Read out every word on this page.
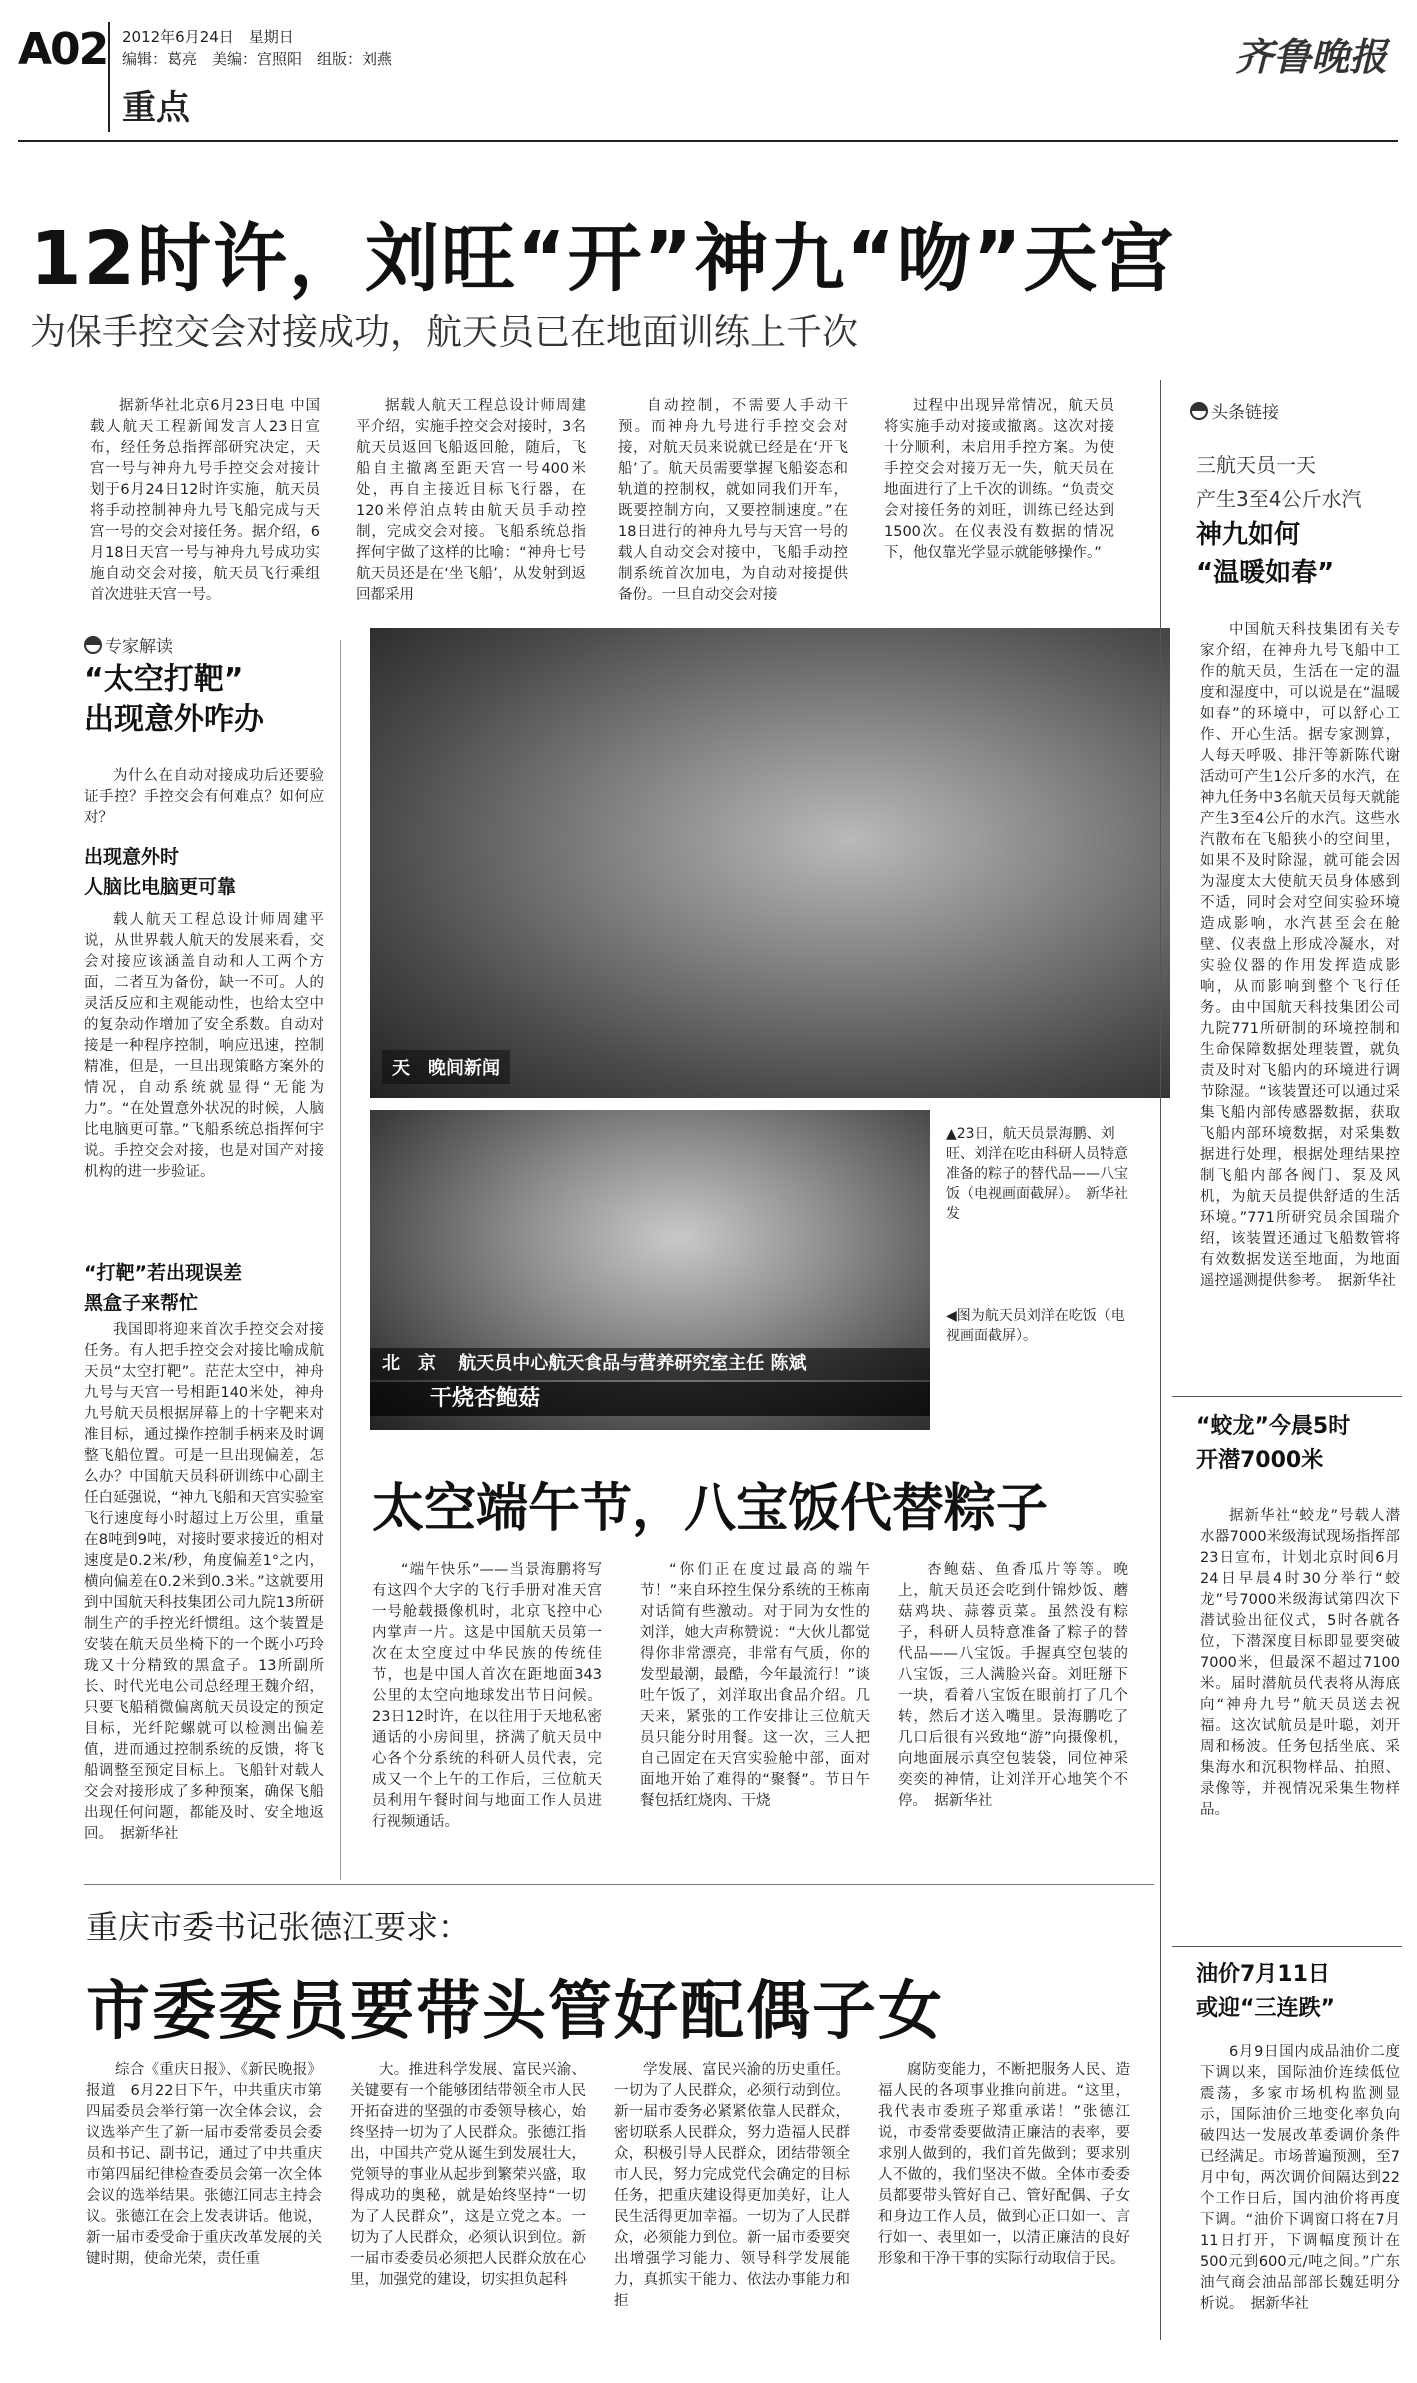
A02 2012年6月24日　星期日
编辑：葛亮　美编：宫照阳　组版：刘燕
重点
齐鲁晚报
12时许，刘旺“开”神九“吻”天宫
为保手控交会对接成功，航天员已在地面训练上千次

据新华社北京6月23日电 中国载人航天工程新闻发言人23日宣布，经任务总指挥部研究决定，天宫一号与神舟九号手控交会对接计划于6月24日12时许实施，航天员将手动控制神舟九号飞船完成与天宫一号的交会对接任务。据介绍，6月18日天宫一号与神舟九号成功实施自动交会对接，航天员飞行乘组首次进驻天宫一号。

据载人航天工程总设计师周建平介绍，实施手控交会对接时，3名航天员返回飞船返回舱，随后，飞船自主撤离至距天宫一号400米处，再自主接近目标飞行器，在120米停泊点转由航天员手动控制，完成交会对接。飞船系统总指挥何宇做了这样的比喻：“神舟七号航天员还是在‘坐飞船’，从发射到返回都采用

自动控制，不需要人手动干预。而神舟九号进行手控交会对接，对航天员来说就已经是在‘开飞船’了。航天员需要掌握飞船姿态和轨道的控制权，就如同我们开车，既要控制方向，又要控制速度。”在18日进行的神舟九号与天宫一号的载人自动交会对接中，飞船手动控制系统首次加电，为自动对接提供备份。一旦自动交会对接

过程中出现异常情况，航天员将实施手动对接或撤离。这次对接十分顺利，未启用手控方案。为使手控交会对接万无一失，航天员在地面进行了上千次的训练。“负责交会对接任务的刘旺，训练已经达到1500次。在仪表没有数据的情况下，他仅靠光学显示就能够操作。”

专家解读
“太空打靶”
出现意外咋办

为什么在自动对接成功后还要验证手控？手控交会有何难点？如何应对？

出现意外时
人脑比电脑更可靠

载人航天工程总设计师周建平说，从世界载人航天的发展来看，交会对接应该涵盖自动和人工两个方面，二者互为备份，缺一不可。人的灵活反应和主观能动性，也给太空中的复杂动作增加了安全系数。自动对接是一种程序控制，响应迅速，控制精准，但是，一旦出现策略方案外的情况，自动系统就显得“无能为力”。“在处置意外状况的时候，人脑比电脑更可靠。”飞船系统总指挥何宇说。手控交会对接，也是对国产对接机构的进一步验证。

“打靶”若出现误差
黑盒子来帮忙

我国即将迎来首次手控交会对接任务。有人把手控交会对接比喻成航天员“太空打靶”。茫茫太空中，神舟九号与天宫一号相距140米处，神舟九号航天员根据屏幕上的十字靶来对准目标，通过操作控制手柄来及时调整飞船位置。可是一旦出现偏差，怎么办？中国航天员科研训练中心副主任白延强说，“神九飞船和天宫实验室飞行速度每小时超过上万公里，重量在8吨到9吨，对接时要求接近的相对速度是0.2米/秒，角度偏差1°之内，横向偏差在0.2米到0.3米。”这就要用到中国航天科技集团公司九院13所研制生产的手控光纤惯组。这个装置是安装在航天员坐椅下的一个既小巧玲珑又十分精致的黑盒子。13所副所长、时代光电公司总经理王魏介绍，只要飞船稍微偏离航天员设定的预定目标，光纤陀螺就可以检测出偏差值，进而通过控制系统的反馈，将飞船调整至预定目标上。飞船针对载人交会对接形成了多种预案，确保飞船出现任何问题，都能及时、安全地返回。　据新华社

天　晚间新闻
北　京 航天员中心航天食品与营养研究室主任 陈斌
干烧杏鲍菇
▲23日，航天员景海鹏、刘旺、刘洋在吃由科研人员特意准备的粽子的替代品——八宝饭（电视画面截屏）。　新华社发
◀图为航天员刘洋在吃饭（电视画面截屏）。
太空端午节，八宝饭代替粽子

“端午快乐”——当景海鹏将写有这四个大字的飞行手册对准天宫一号舱载摄像机时，北京飞控中心内掌声一片。这是中国航天员第一次在太空度过中华民族的传统佳节，也是中国人首次在距地面343公里的太空向地球发出节日问候。23日12时许，在以往用于天地私密通话的小房间里，挤满了航天员中心各个分系统的科研人员代表，完成又一个上午的工作后，三位航天员利用午餐时间与地面工作人员进行视频通话。

“你们正在度过最高的端午节！”来自环控生保分系统的王栋南对话简有些激动。对于同为女性的刘洋，她大声称赞说：“大伙儿都觉得你非常漂亮，非常有气质，你的发型最潮，最酷，今年最流行！”谈吐午饭了，刘洋取出食品介绍。几天来，紧张的工作安排让三位航天员只能分时用餐。这一次，三人把自己固定在天宫实验舱中部，面对面地开始了难得的“聚餐”。节日午餐包括红烧肉、干烧

杏鲍菇、鱼香瓜片等等。晚上，航天员还会吃到什锦炒饭、蘑菇鸡块、蒜蓉贡菜。虽然没有粽子，科研人员特意准备了粽子的替代品——八宝饭。手握真空包装的八宝饭，三人满脸兴奋。刘旺掰下一块，看着八宝饭在眼前打了几个转，然后才送入嘴里。景海鹏吃了几口后很有兴致地“游”向摄像机，向地面展示真空包装袋，同位神采奕奕的神情，让刘洋开心地笑个不停。　据新华社

头条链接
三航天员一天
产生3至4公斤水汽
神九如何
“温暖如春”

中国航天科技集团有关专家介绍，在神舟九号飞船中工作的航天员，生活在一定的温度和湿度中，可以说是在“温暖如春”的环境中，可以舒心工作、开心生活。据专家测算，人每天呼吸、排汗等新陈代谢活动可产生1公斤多的水汽，在神九任务中3名航天员每天就能产生3至4公斤的水汽。这些水汽散布在飞船狭小的空间里，如果不及时除湿，就可能会因为湿度太大使航天员身体感到不适，同时会对空间实验环境造成影响，水汽甚至会在舱壁、仪表盘上形成冷凝水，对实验仪器的作用发挥造成影响，从而影响到整个飞行任务。由中国航天科技集团公司九院771所研制的环境控制和生命保障数据处理装置，就负责及时对飞船内的环境进行调节除湿。“该装置还可以通过采集飞船内部传感器数据，获取飞船内部环境数据，对采集数据进行处理，根据处理结果控制飞船内部各阀门、泵及风机，为航天员提供舒适的生活环境。”771所研究员余国瑞介绍，该装置还通过飞船数管将有效数据发送至地面，为地面遥控遥测提供参考。　据新华社

“蛟龙”今晨5时
开潜7000米

据新华社“蛟龙”号载人潜水器7000米级海试现场指挥部23日宣布，计划北京时间6月24日早晨4时30分举行“蛟龙”号7000米级海试第四次下潜试验出征仪式，5时各就各位，下潜深度目标即显要突破7000米，但最深不超过7100米。届时潜航员代表将从海底向“神舟九号”航天员送去祝福。这次试航员是叶聪，刘开周和杨波。任务包括坐底、采集海水和沉积物样品、拍照、录像等，并视情况采集生物样品。

油价7月11日
或迎“三连跌”

6月9日国内成品油价二度下调以来，国际油价连续低位震荡，多家市场机构监测显示，国际油价三地变化率负向破四达一发展改革委调价条件已经满足。市场普遍预测，至7月中旬，两次调价间隔达到22个工作日后，国内油价将再度下调。“油价下调窗口将在7月11日打开，下调幅度预计在500元到600元/吨之间。”广东油气商会油品部部长魏廷明分析说。　据新华社

重庆市委书记张德江要求：
市委委员要带头管好配偶子女

综合《重庆日报》、《新民晚报》报道　6月22日下午，中共重庆市第四届委员会举行第一次全体会议，会议选举产生了新一届市委常委员会委员和书记、副书记，通过了中共重庆市第四届纪律检查委员会第一次全体会议的选举结果。张德江同志主持会议。张德江在会上发表讲话。他说，新一届市委受命于重庆改革发展的关键时期，使命光荣，责任重

大。推进科学发展、富民兴渝、关键要有一个能够团结带领全市人民开拓奋进的坚强的市委领导核心，始终坚持一切为了人民群众。张德江指出，中国共产党从诞生到发展壮大，党领导的事业从起步到繁荣兴盛，取得成功的奥秘，就是始终坚持“一切为了人民群众”，这是立党之本。一切为了人民群众，必须认识到位。新一届市委委员必须把人民群众放在心里，加强党的建设，切实担负起科

学发展、富民兴渝的历史重任。一切为了人民群众，必须行动到位。新一届市委务必紧紧依靠人民群众，密切联系人民群众，努力造福人民群众，积极引导人民群众，团结带领全市人民，努力完成党代会确定的目标任务，把重庆建设得更加美好，让人民生活得更加幸福。一切为了人民群众，必须能力到位。新一届市委要突出增强学习能力、领导科学发展能力，真抓实干能力、依法办事能力和拒

腐防变能力，不断把服务人民、造福人民的各项事业推向前进。“这里，我代表市委班子郑重承诺！”张德江说，市委常委要做清正廉洁的表率，要求别人做到的，我们首先做到；要求别人不做的，我们坚决不做。全体市委委员都要带头管好自己、管好配偶、子女和身边工作人员，做到心正口如一、言行如一、表里如一，以清正廉洁的良好形象和干净干事的实际行动取信于民。
